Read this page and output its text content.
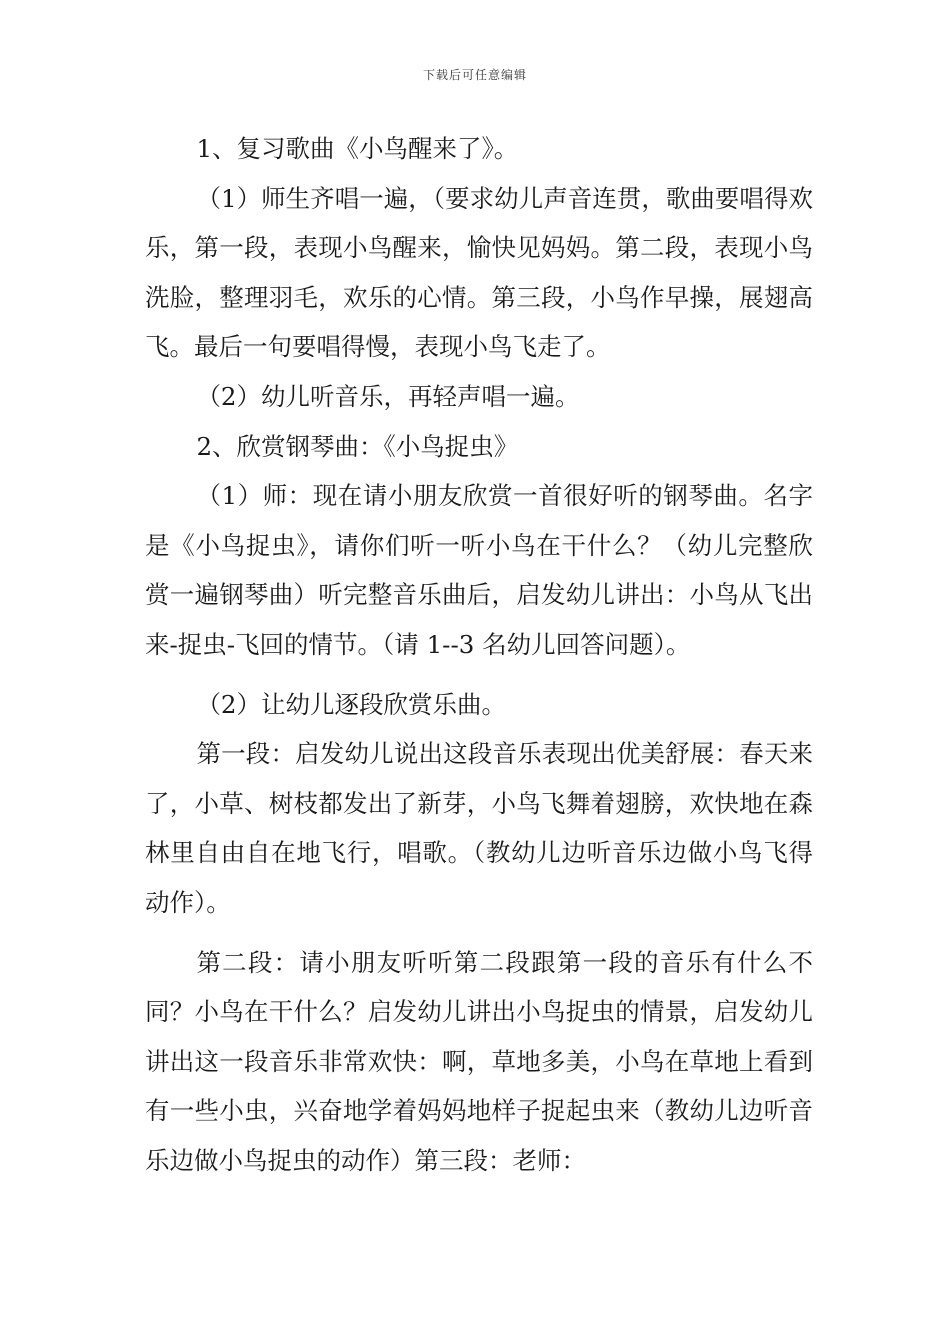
下载后可任意编辑

1、复习歌曲《小鸟醒来了》。

（1）师生齐唱一遍，（要求幼儿声音连贯，歌曲要唱得欢乐，第一段，表现小鸟醒来，愉快见妈妈。第二段，表现小鸟洗脸，整理羽毛，欢乐的心情。第三段，小鸟作早操，展翅高飞。最后一句要唱得慢，表现小鸟飞走了。

（2）幼儿听音乐，再轻声唱一遍。

2、欣赏钢琴曲：《小鸟捉虫》

（1）师：现在请小朋友欣赏一首很好听的钢琴曲。名字是《小鸟捉虫》，请你们听一听小鸟在干什么？（幼儿完整欣赏一遍钢琴曲）听完整音乐曲后，启发幼儿讲出：小鸟从飞出来-捉虫-飞回的情节。（请 1--3 名幼儿回答问题）。

（2）让幼儿逐段欣赏乐曲。

第一段：启发幼儿说出这段音乐表现出优美舒展：春天来了，小草、树枝都发出了新芽，小鸟飞舞着翅膀，欢快地在森林里自由自在地飞行，唱歌。（教幼儿边听音乐边做小鸟飞得动作）。

第二段：请小朋友听听第二段跟第一段的音乐有什么不同？小鸟在干什么？启发幼儿讲出小鸟捉虫的情景，启发幼儿讲出这一段音乐非常欢快：啊，草地多美，小鸟在草地上看到有一些小虫，兴奋地学着妈妈地样子捉起虫来（教幼儿边听音乐边做小鸟捉虫的动作）第三段：老师：
